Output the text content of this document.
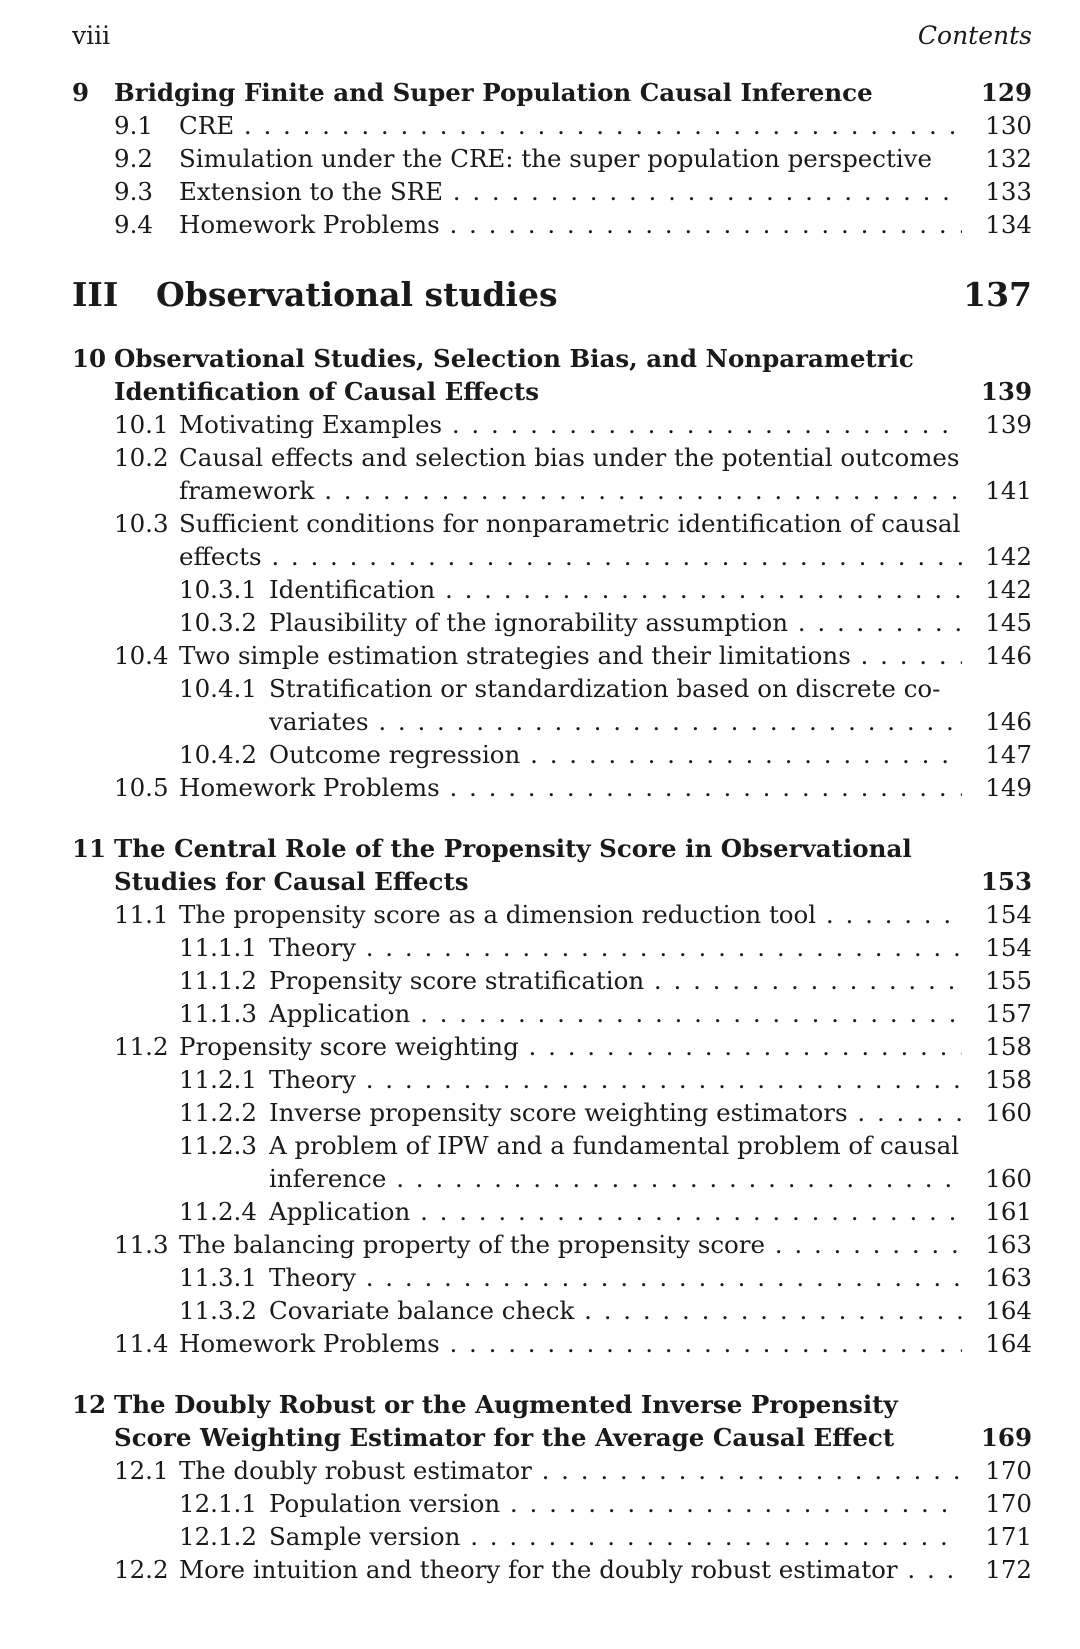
viii	Contents
9 Bridging Finite and Super Population Causal Inference	129
9.1 CRE . . .	130
9.2 Simulation under the CRE: the super population perspective	132
9.3 Extension to the SRE . . .	133
9.4 Homework Problems . . .	134
III Observational studies	137
10 Observational Studies, Selection Bias, and Nonparametric
Identification of Causal Effects	139
10.1 Motivating Examples . . .	139
10.2 Causal effects and selection bias under the potential outcomes
framework . . .	141
10.3 Sufficient conditions for nonparametric identification of causal
effects . . .	142
10.3.1 Identification . . .	142
10.3.2 Plausibility of the ignorability assumption . . .	145
10.4 Two simple estimation strategies and their limitations . . .	146
10.4.1 Stratification or standardization based on discrete co-
variates . . .	146
10.4.2 Outcome regression . . .	147
10.5 Homework Problems . . .	149
11 The Central Role of the Propensity Score in Observational
Studies for Causal Effects	153
11.1 The propensity score as a dimension reduction tool . . .	154
11.1.1 Theory . . .	154
11.1.2 Propensity score stratification . . .	155
11.1.3 Application . . .	157
11.2 Propensity score weighting . . .	158
11.2.1 Theory . . .	158
11.2.2 Inverse propensity score weighting estimators . . .	160
11.2.3 A problem of IPW and a fundamental problem of causal
inference . . .	160
11.2.4 Application . . .	161
11.3 The balancing property of the propensity score . . .	163
11.3.1 Theory . . .	163
11.3.2 Covariate balance check . . .	164
11.4 Homework Problems . . .	164
12 The Doubly Robust or the Augmented Inverse Propensity
Score Weighting Estimator for the Average Causal Effect	169
12.1 The doubly robust estimator . . .	170
12.1.1 Population version . . .	170
12.1.2 Sample version . . .	171
12.2 More intuition and theory for the doubly robust estimator . . .	172
